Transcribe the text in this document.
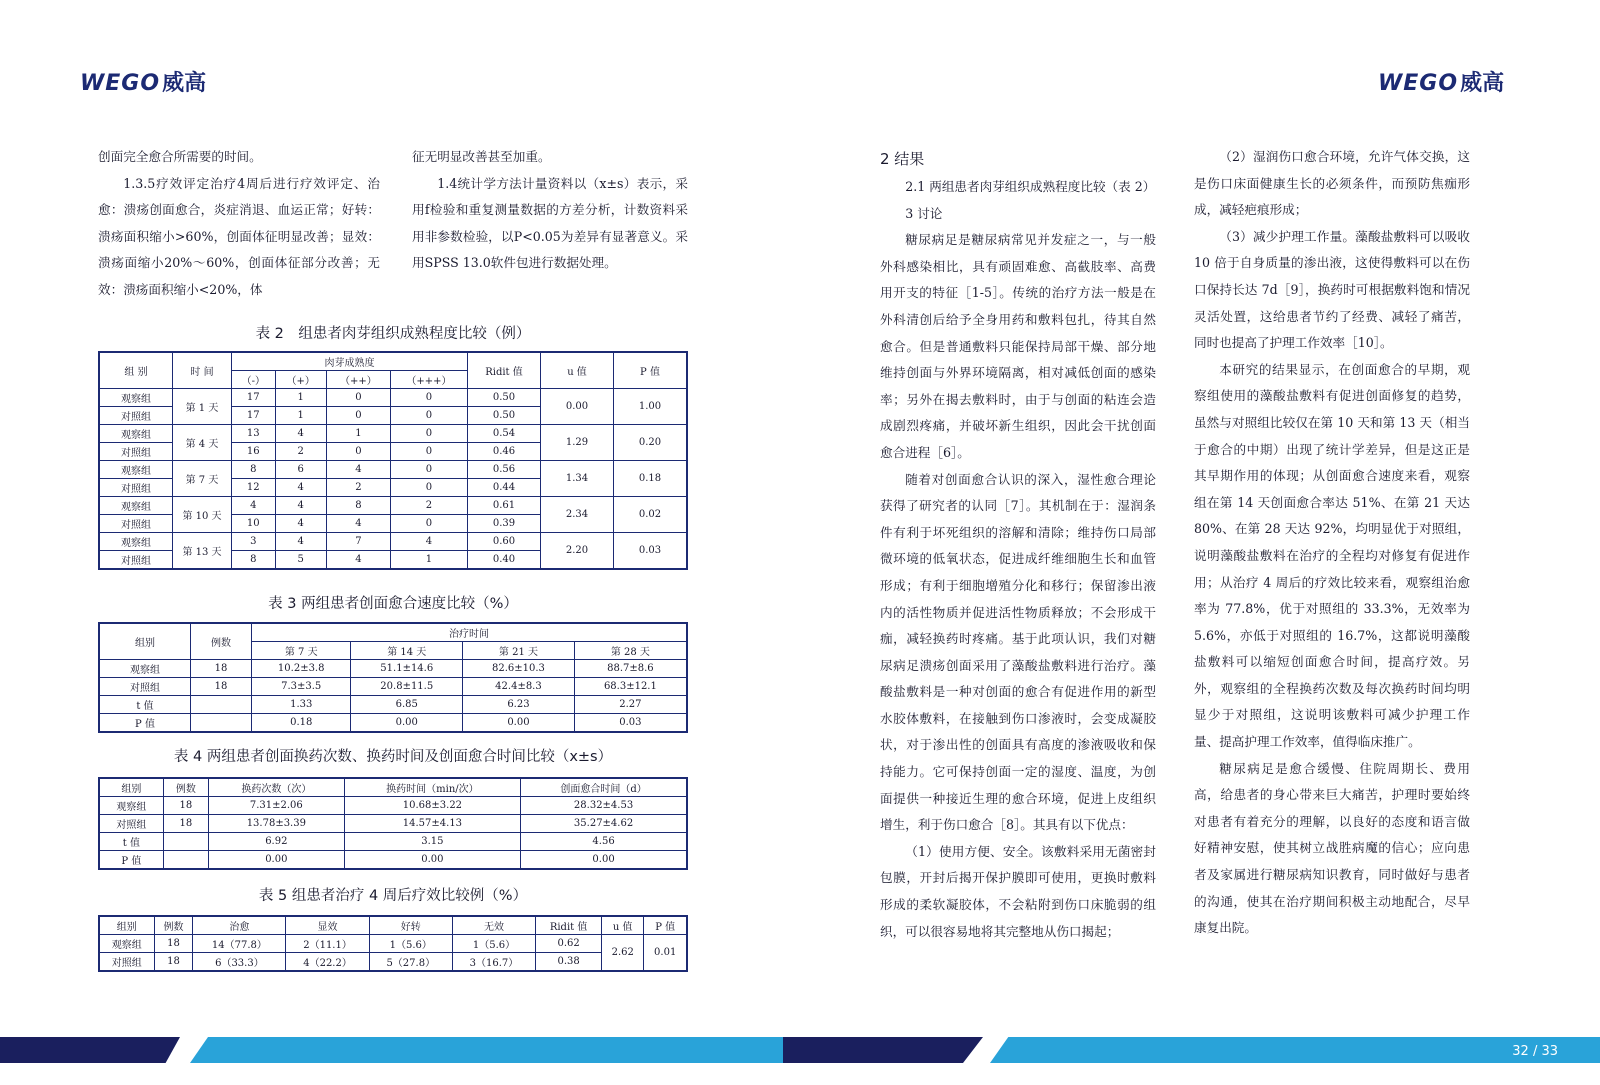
WEGO威高

创面完全愈合所需要的时间。

1.3.5疗效评定治疗4周后进行疗效评定、治愈：溃疡创面愈合，炎症消退、血运正常；好转：溃疡面积缩小>60%，创面体征明显改善；显效：溃疡面缩小20%～60%，创面体征部分改善；无效：溃疡面积缩小<20%，体

征无明显改善甚至加重。

1.4统计学方法计量资料以（x±s）表示，采用f检验和重复测量数据的方差分析，计数资料采用非参数检验，以P<0.05为差异有显著意义。采用SPSS 13.0软件包进行数据处理。

表 2　组患者肉芽组织成熟程度比较（例）
组 别	时 间	肉芽成熟度				Ridit 值	u 值	P 值
		（-）	（+）	（++）	（+++）			
观察组	第 1 天	17	1	0	0	0.50	0.00	1.00
对照组		17	1	0	0	0.50		
观察组	第 4 天	13	4	1	0	0.54	1.29	0.20
对照组		16	2	0	0	0.46		
观察组	第 7 天	8	6	4	0	0.56	1.34	0.18
对照组		12	4	2	0	0.44		
观察组	第 10 天	4	4	8	2	0.61	2.34	0.02
对照组		10	4	4	0	0.39		
观察组	第 13 天	3	4	7	4	0.60	2.20	0.03
对照组		8	5	4	1	0.40		
表 3 两组患者创面愈合速度比较（%）
组别	例数	治疗时间			
		第 7 天	第 14 天	第 21 天	第 28 天
观察组	18	10.2±3.8	51.1±14.6	82.6±10.3	88.7±8.6
对照组	18	7.3±3.5	20.8±11.5	42.4±8.3	68.3±12.1
t 值		1.33	6.85	6.23	2.27
P 值		0.18	0.00	0.00	0.03
表 4 两组患者创面换药次数、换药时间及创面愈合时间比较（x±s）
组别	例数	换药次数（次）	换药时间（min/次）	创面愈合时间（d）
观察组	18	7.31±2.06	10.68±3.22	28.32±4.53
对照组	18	13.78±3.39	14.57±4.13	35.27±4.62
t 值		6.92	3.15	4.56
P 值		0.00	0.00	0.00
表 5 组患者治疗 4 周后疗效比较例（%）
组别	例数	治愈	显效	好转	无效	Ridit 值	u 值	P 值
观察组	18	14（77.8）	2（11.1）	1（5.6）	1（5.6）	0.62	2.62	0.01
对照组	18	6（33.3）	4（22.2）	5（27.8）	3（16.7）	0.38		
WEGO威高

2 结果

2.1 两组患者肉芽组织成熟程度比较（表 2）

3 讨论

糖尿病足是糖尿病常见并发症之一，与一般外科感染相比，具有顽固难愈、高截肢率、高费用开支的特征［1-5］。传统的治疗方法一般是在外科清创后给予全身用药和敷料包扎，待其自然愈合。但是普通敷料只能保持局部干燥、部分地维持创面与外界环境隔离，相对减低创面的感染率；另外在揭去敷料时，由于与创面的粘连会造成剧烈疼痛，并破坏新生组织，因此会干扰创面愈合进程［6］。

随着对创面愈合认识的深入，湿性愈合理论获得了研究者的认同［7］。其机制在于：湿润条件有利于坏死组织的溶解和清除；维持伤口局部微环境的低氧状态，促进成纤维细胞生长和血管形成；有利于细胞增殖分化和移行；保留渗出液内的活性物质并促进活性物质释放；不会形成干痂，减轻换药时疼痛。基于此项认识，我们对糖尿病足溃疡创面采用了藻酸盐敷料进行治疗。藻酸盐敷料是一种对创面的愈合有促进作用的新型水胶体敷料，在接触到伤口渗液时，会变成凝胶状，对于渗出性的创面具有高度的渗液吸收和保持能力。它可保持创面一定的湿度、温度，为创面提供一种接近生理的愈合环境，促进上皮组织增生，利于伤口愈合［8］。其具有以下优点：

（1）使用方便、安全。该敷料采用无菌密封包膜，开封后揭开保护膜即可使用，更换时敷料形成的柔软凝胶体，不会粘附到伤口床脆弱的组织，可以很容易地将其完整地从伤口揭起；

（2）湿润伤口愈合环境，允许气体交换，这是伤口床面健康生长的必须条件，而预防焦痂形成，减轻疤痕形成；

（3）减少护理工作量。藻酸盐敷料可以吸收 10 倍于自身质量的渗出液，这使得敷料可以在伤口保持长达 7d［9］，换药时可根据敷料饱和情况灵活处置，这给患者节约了经费、减轻了痛苦，同时也提高了护理工作效率［10］。

本研究的结果显示，在创面愈合的早期，观察组使用的藻酸盐敷料有促进创面修复的趋势，虽然与对照组比较仅在第 10 天和第 13 天（相当于愈合的中期）出现了统计学差异，但是这正是其早期作用的体现；从创面愈合速度来看，观察组在第 14 天创面愈合率达 51%、在第 21 天达 80%、在第 28 天达 92%，均明显优于对照组，说明藻酸盐敷料在治疗的全程均对修复有促进作用；从治疗 4 周后的疗效比较来看，观察组治愈率为 77.8%，优于对照组的 33.3%，无效率为 5.6%，亦低于对照组的 16.7%，这都说明藻酸盐敷料可以缩短创面愈合时间，提高疗效。另外，观察组的全程换药次数及每次换药时间均明显少于对照组，这说明该敷料可减少护理工作量、提高护理工作效率，值得临床推广。

糖尿病足是愈合缓慢、住院周期长、费用高，给患者的身心带来巨大痛苦，护理时要始终对患者有着充分的理解，以良好的态度和语言做好精神安慰，使其树立战胜病魔的信心；应向患者及家属进行糖尿病知识教育，同时做好与患者的沟通，使其在治疗期间积极主动地配合，尽早康复出院。

32 / 33
